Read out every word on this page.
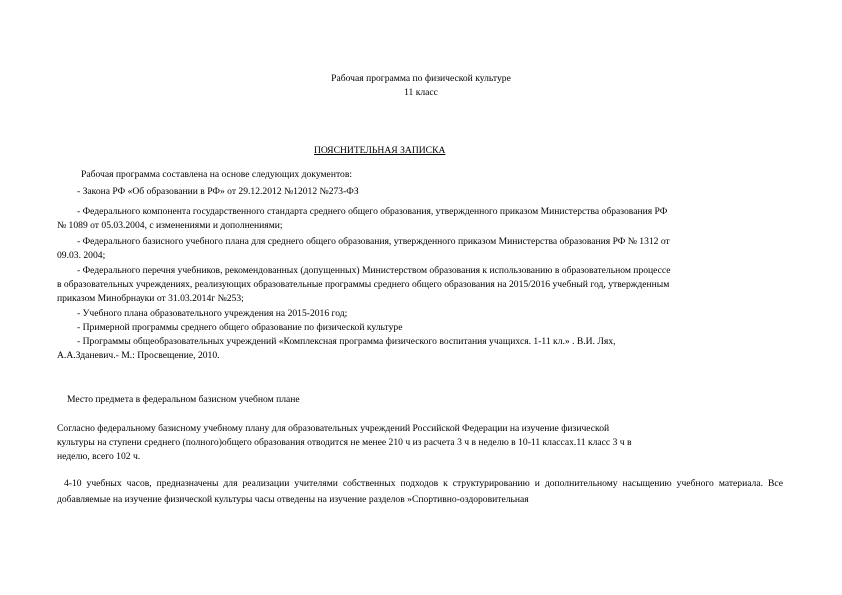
Рабочая программа по физической культуре

11 класс

ПОЯСНИТЕЛЬНАЯ ЗАПИСКА

Рабочая программа составлена на основе следующих документов:

- Закона РФ «Об образовании в РФ» от 29.12.2012 №12012 №273-ФЗ

- Федерального компонента государственного стандарта среднего общего образования, утвержденного приказом Министерства образования РФ

№ 1089 от 05.03.2004, с изменениями и дополнениями;

- Федерального базисного учебного плана для среднего общего образования, утвержденного приказом Министерства образования РФ № 1312 от

09.03. 2004;

- Федерального перечня учебников, рекомендованных (допущенных) Министерством образования к использованию в образовательном процессе

в образовательных учреждениях, реализующих образовательные программы среднего общего образования на 2015/2016 учебный год, утвержденным

приказом Минобрнауки от 31.03.2014г №253;

- Учебного плана образовательного учреждения на 2015-2016 год;

- Примерной программы среднего общего образование по физической культуре

- Программы общеобразовательных учреждений «Комплексная программа физического воспитания учащихся. 1-11 кл.» . В.И. Лях,

А.А.Зданевич.- М.: Просвещение, 2010.

Место предмета в федеральном базисном учебном плане

Согласно федеральному базисному учебному плану для образовательных учреждений Российской Федерации на изучение физической

культуры на ступени среднего (полного)общего образования отводится не менее 210 ч из расчета 3 ч в неделю в 10-11 классах.11 класс 3 ч в

неделю, всего 102 ч.

4-10 учебных часов, предназначены для реализации учителями собственных подходов к структурированию и дополнительному насыщению учебного материала. Все добавляемые на изучение физической культуры часы отведены на изучение разделов »Спортивно-оздоровительная
